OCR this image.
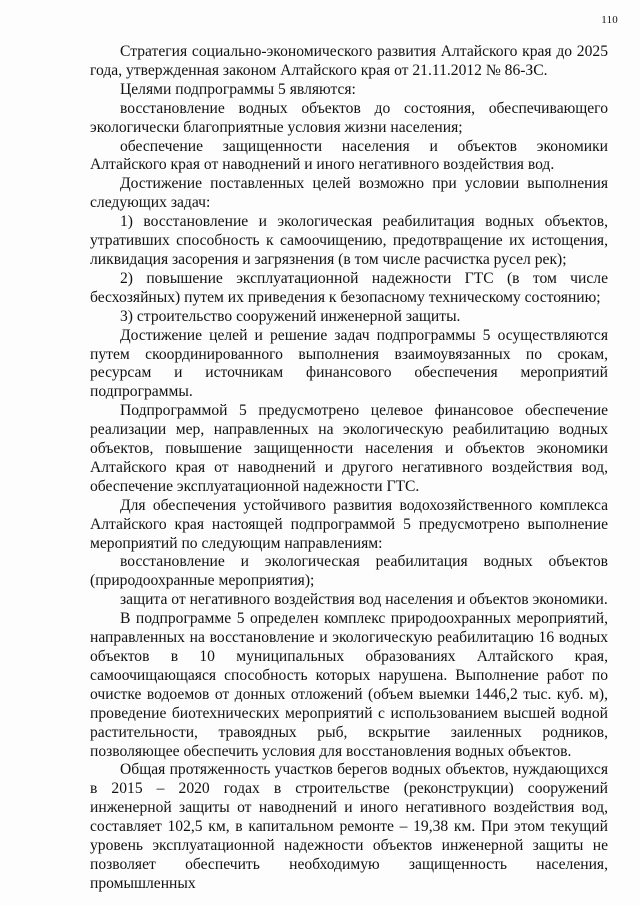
110

Стратегия социально-экономического развития Алтайского края до 2025 года, утвержденная законом Алтайского края от 21.11.2012 № 86-ЗС.

Целями подпрограммы 5 являются:

восстановление водных объектов до состояния, обеспечивающего экологически благоприятные условия жизни населения;

обеспечение защищенности населения и объектов экономики Алтайского края от наводнений и иного негативного воздействия вод.

Достижение поставленных целей возможно при условии выполнения следующих задач:

1) восстановление и экологическая реабилитация водных объектов, утративших способность к самоочищению, предотвращение их истощения, ликвидация засорения и загрязнения (в том числе расчистка русел рек);

2) повышение эксплуатационной надежности ГТС (в том числе бесхозяйных) путем их приведения к безопасному техническому состоянию;

3) строительство сооружений инженерной защиты.

Достижение целей и решение задач подпрограммы 5 осуществляются путем скоординированного выполнения взаимоувязанных по срокам, ресурсам и источникам финансового обеспечения мероприятий подпрограммы.

Подпрограммой 5 предусмотрено целевое финансовое обеспечение реализации мер, направленных на экологическую реабилитацию водных объектов, повышение защищенности населения и объектов экономики Алтайского края от наводнений и другого негативного воздействия вод, обеспечение эксплуатационной надежности ГТС.

Для обеспечения устойчивого развития водохозяйственного комплекса Алтайского края настоящей подпрограммой 5 предусмотрено выполнение мероприятий по следующим направлениям:

восстановление и экологическая реабилитация водных объектов (природоохранные мероприятия);

защита от негативного воздействия вод населения и объектов экономики.

В подпрограмме 5 определен комплекс природоохранных мероприятий, направленных на восстановление и экологическую реабилитацию 16 водных объектов в 10 муниципальных образованиях Алтайского края, самоочищающаяся способность которых нарушена. Выполнение работ по очистке водоемов от донных отложений (объем выемки 1446,2 тыс. куб. м), проведение биотехнических мероприятий с использованием высшей водной растительности, травоядных рыб, вскрытие заиленных родников, позволяющее обеспечить условия для восстановления водных объектов.

Общая протяженность участков берегов водных объектов, нуждающихся в 2015 – 2020 годах в строительстве (реконструкции) сооружений инженерной защиты от наводнений и иного негативного воздействия вод, составляет 102,5 км, в капитальном ремонте – 19,38 км. При этом текущий уровень эксплуатационной надежности объектов инженерной защиты не позволяет обеспечить необходимую защищенность населения, промышленных
